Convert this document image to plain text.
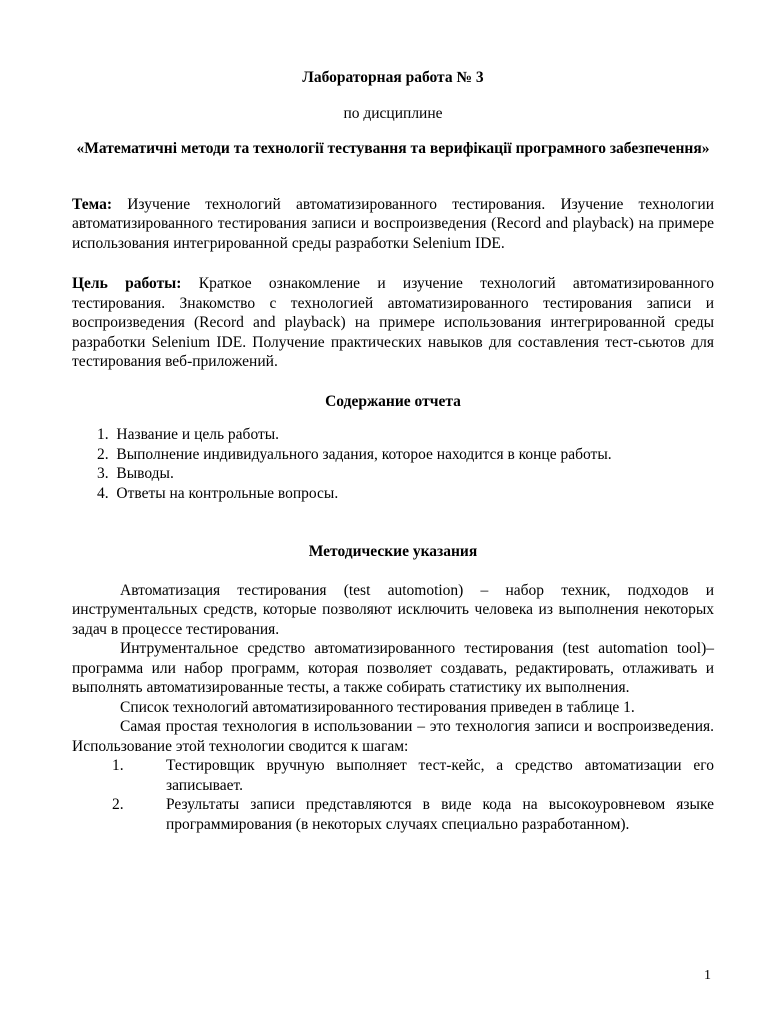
Лабораторная работа № 3

по дисциплине

«Математичні методи та технології тестування та верифікації програмного забезпечення»

Тема: Изучение технологий автоматизированного тестирования. Изучение технологии автоматизированного тестирования записи и воспроизведения (Record and playback) на примере использования интегрированной среды разработки Selenium IDE.

Цель работы: Краткое ознакомление и изучение технологий автоматизированного тестирования. Знакомство с технологией автоматизированного тестирования записи и воспроизведения (Record and playback) на примере использования интегрированной среды разработки Selenium IDE. Получение практических навыков для составления тест-сьютов для тестирования веб-приложений.

Содержание отчета

1. Название и цель работы.
2. Выполнение индивидуального задания, которое находится в конце работы.
3. Выводы.
4. Ответы на контрольные вопросы.

Методические указания

Автоматизация тестирования (test automotion) – набор техник, подходов и инструментальных средств, которые позволяют исключить человека из выполнения некоторых задач в процессе тестирования.

Интрументальное средство автоматизированного тестирования (test automation tool)– программа или набор программ, которая позволяет создавать, редактировать, отлаживать и выполнять автоматизированные тесты, а также собирать статистику их выполнения.

Список технологий автоматизированного тестирования приведен в таблице 1.

Самая простая технология в использовании – это технология записи и воспроизведения. Использование этой технологии сводится к шагам:

1.	Тестировщик вручную выполняет тест-кейс, а средство автоматизации его записывает.
2.	Результаты записи представляются в виде кода на высокоуровневом языке программирования (в некоторых случаях специально разработанном).
1
